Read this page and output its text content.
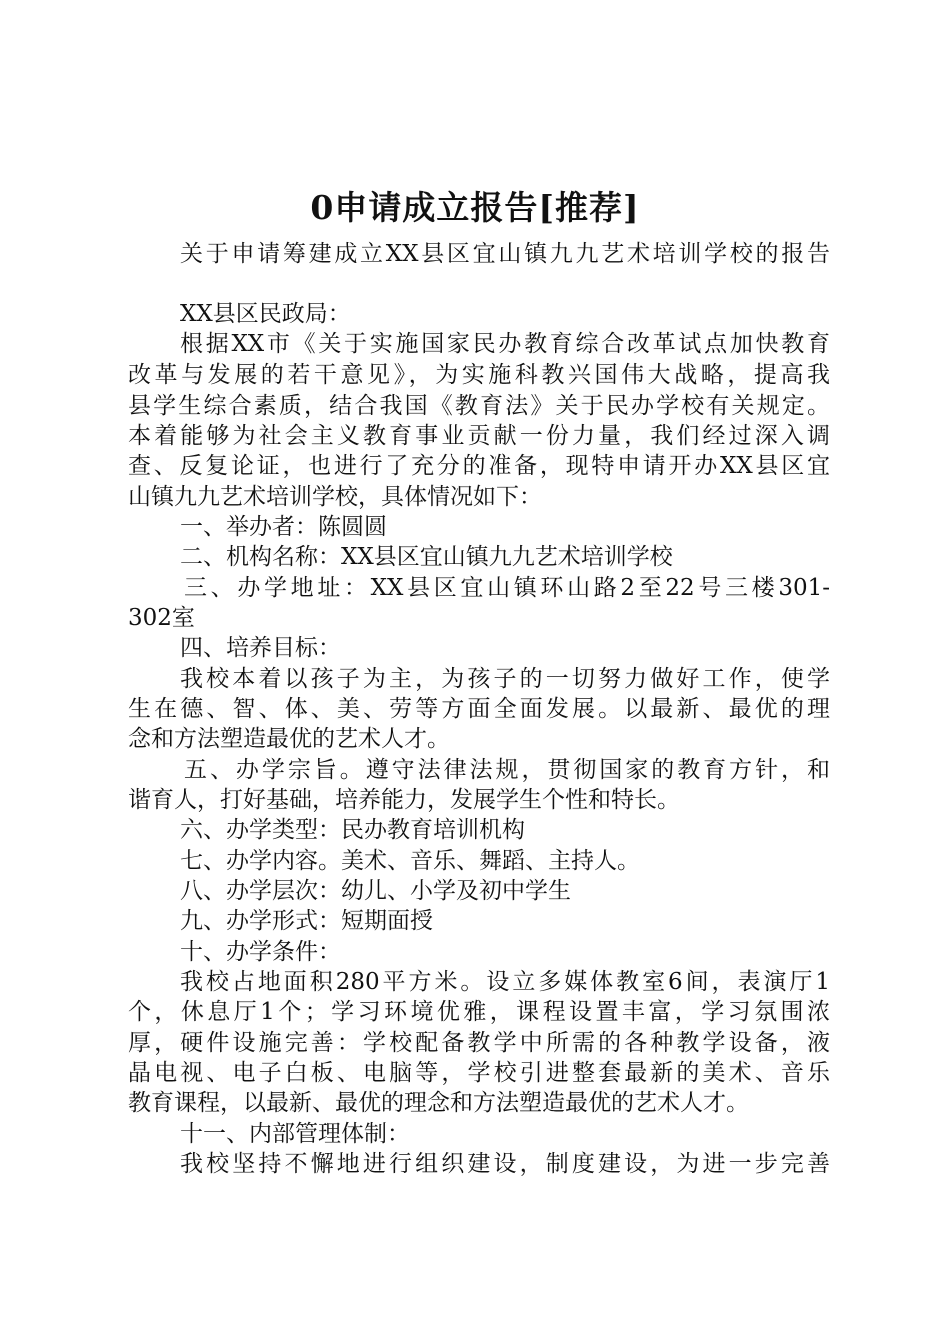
0申请成立报告[推荐]
关于申请筹建成立XX县区宜山镇九九艺术培训学校的报告
XX县区民政局：
根据XX市《关于实施国家民办教育综合改革试点加快教育
改革与发展的若干意见》，为实施科教兴国伟大战略，提高我
县学生综合素质，结合我国《教育法》关于民办学校有关规定。
本着能够为社会主义教育事业贡献一份力量，我们经过深入调
查、反复论证，也进行了充分的准备，现特申请开办XX县区宜
山镇九九艺术培训学校，具体情况如下：
一、举办者：陈圆圆
二、机构名称：XX县区宜山镇九九艺术培训学校
三、办学地址：XX县区宜山镇环山路2至22号三楼301-
302室
四、培养目标：
我校本着以孩子为主，为孩子的一切努力做好工作，使学
生在德、智、体、美、劳等方面全面发展。以最新、最优的理
念和方法塑造最优的艺术人才。
五、办学宗旨。遵守法律法规，贯彻国家的教育方针，和
谐育人，打好基础，培养能力，发展学生个性和特长。
六、办学类型：民办教育培训机构
七、办学内容。美术、音乐、舞蹈、主持人。
八、办学层次：幼儿、小学及初中学生
九、办学形式：短期面授
十、办学条件：
我校占地面积280平方米。设立多媒体教室6间，表演厅1
个，休息厅1个；学习环境优雅，课程设置丰富，学习氛围浓
厚，硬件设施完善：学校配备教学中所需的各种教学设备，液
晶电视、电子白板、电脑等，学校引进整套最新的美术、音乐
教育课程，以最新、最优的理念和方法塑造最优的艺术人才。
十一、内部管理体制：
我校坚持不懈地进行组织建设，制度建设，为进一步完善
